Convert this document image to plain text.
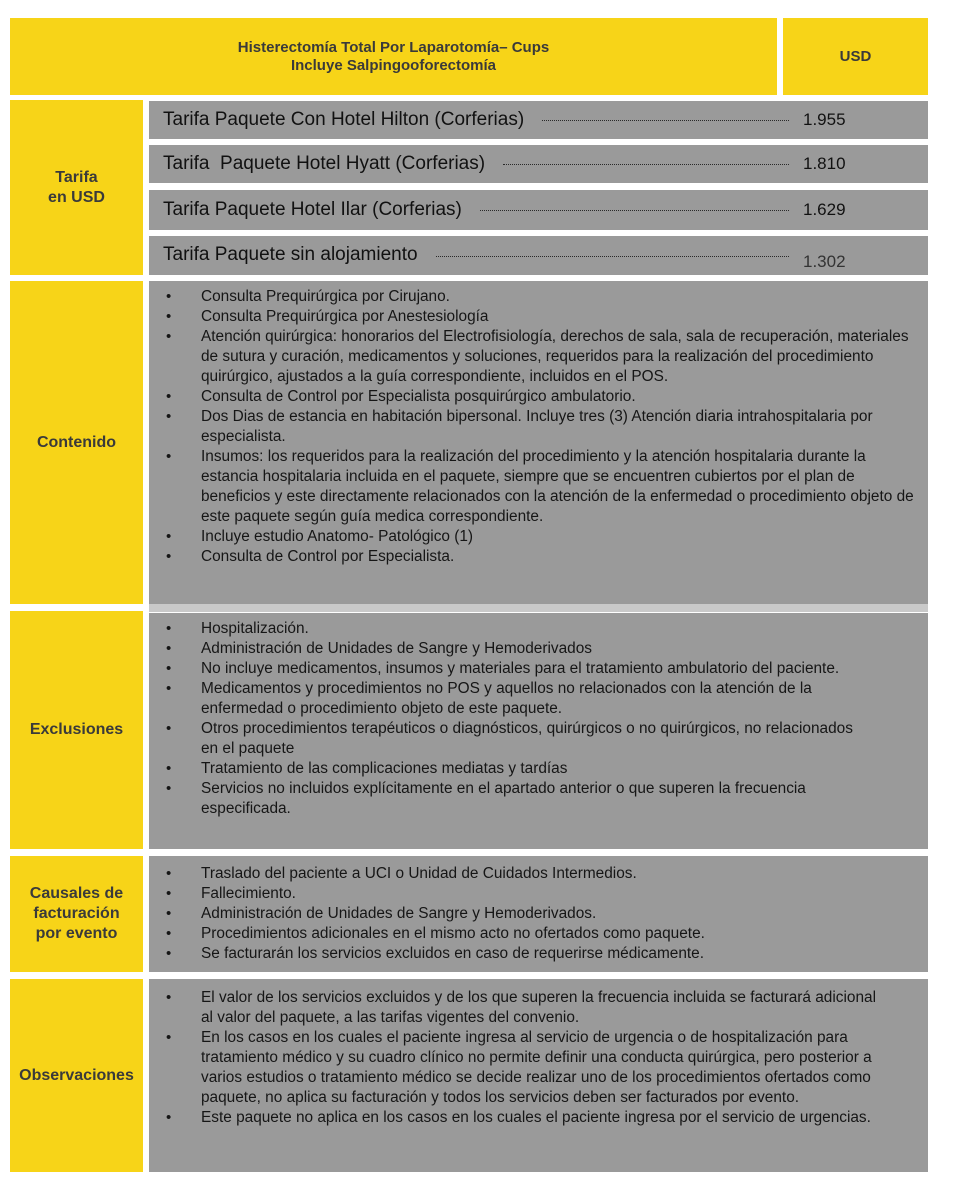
Histerectomía Total Por Laparotomía– Cups
Incluye Salpingooforectomía	USD
Tarifa
en USD
Tarifa Paquete Con Hotel Hilton (Corferias)	1.955
Tarifa  Paquete Hotel Hyatt (Corferias)	1.810
Tarifa Paquete Hotel Ilar (Corferias)	1.629
Tarifa Paquete sin alojamiento	1.302
Contenido
• Consulta Prequirúrgica por Cirujano.
• Consulta Prequirúrgica por Anestesiología
• Atención quirúrgica: honorarios del Electrofisiología, derechos de sala, sala de recuperación, materiales de sutura y curación, medicamentos y soluciones, requeridos para la realización del procedimiento quirúrgico, ajustados a la guía correspondiente, incluidos en el POS.
• Consulta de Control por Especialista posquirúrgico ambulatorio.
• Dos Dias de estancia en habitación bipersonal. Incluye tres (3) Atención diaria intrahospitalaria por especialista.
• Insumos: los requeridos para la realización del procedimiento y la atención hospitalaria durante la estancia hospitalaria incluida en el paquete, siempre que se encuentren cubiertos por el plan de beneficios y este directamente relacionados con la atención de la enfermedad o procedimiento objeto de este paquete según guía medica correspondiente.
• Incluye estudio Anatomo- Patológico (1)
• Consulta de Control por Especialista.
Exclusiones
• Hospitalización.
• Administración de Unidades de Sangre y Hemoderivados
• No incluye medicamentos, insumos y materiales para el tratamiento ambulatorio del paciente.
• Medicamentos y procedimientos no POS y aquellos no relacionados con la atención de la enfermedad o procedimiento objeto de este paquete.
• Otros procedimientos terapéuticos o diagnósticos, quirúrgicos o no quirúrgicos, no relacionados en el paquete
• Tratamiento de las complicaciones mediatas y tardías
• Servicios no incluidos explícitamente en el apartado anterior o que superen la frecuencia especificada.
Causales de
facturación
por evento
• Traslado del paciente a UCI o Unidad de Cuidados Intermedios.
• Fallecimiento.
• Administración de Unidades de Sangre y Hemoderivados.
• Procedimientos adicionales en el mismo acto no ofertados como paquete.
• Se facturarán los servicios excluidos en caso de requerirse médicamente.
Observaciones
• El valor de los servicios excluidos y de los que superen la frecuencia incluida se facturará adicional al valor del paquete, a las tarifas vigentes del convenio.
• En los casos en los cuales el paciente ingresa al servicio de urgencia o de hospitalización para tratamiento médico y su cuadro clínico no permite definir una conducta quirúrgica, pero posterior a varios estudios o tratamiento médico se decide realizar uno de los procedimientos ofertados como paquete, no aplica su facturación y todos los servicios deben ser facturados por evento.
• Este paquete no aplica en los casos en los cuales el paciente ingresa por el servicio de urgencias.
